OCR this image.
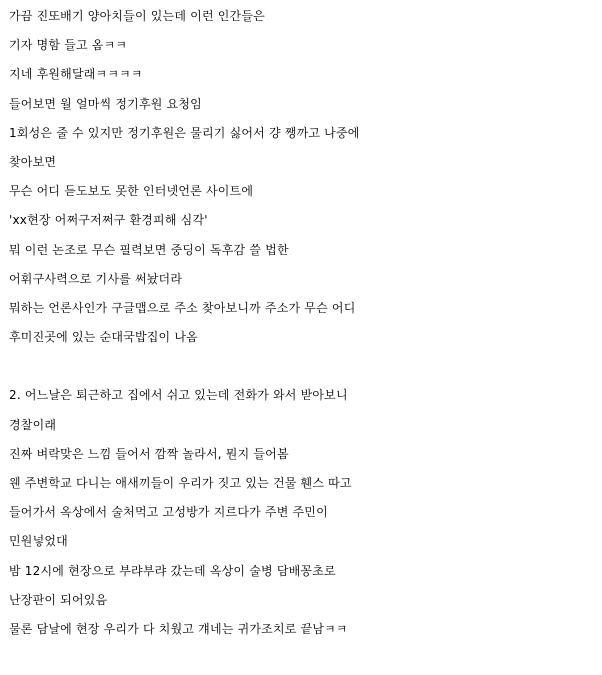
가끔 진또배기 양아치들이 있는데 이런 인간들은
기자 명함 들고 옴ㅋㅋ
지네 후원해달래ㅋㅋㅋㅋ
들어보면 월 얼마씩 정기후원 요청임
1회성은 줄 수 있지만 정기후원은 물리기 싫어서 걍 쨍까고 나중에
찾아보면
무슨 어디 듣도보도 못한 인터넷언론 사이트에
'xx현장 어쩌구저쩌구 환경피해 심각'
뭐 이런 논조로 무슨 필력보면 중딩이 독후감 쓸 법한
어휘구사력으로 기사를 써놨더라
뭐하는 언론사인가 구글맵으로 주소 찾아보니까 주소가 무슨 어디
후미진곳에 있는 순대국밥집이 나옴
2. 어느날은 퇴근하고 집에서 쉬고 있는데 전화가 와서 받아보니
경찰이래
진짜 벼락맞은 느낌 들어서 깜짝 놀라서, 뭔지 들어봄
웬 주변학교 다니는 애새끼들이 우리가 짓고 있는 건물 휀스 따고
들어가서 옥상에서 술처먹고 고성방가 지르다가 주변 주민이
민원넣었대
밤 12시에 현장으로 부랴부랴 갔는데 옥상이 술병 담배꽁초로
난장판이 되어있음
물론 담날에 현장 우리가 다 치웠고 걔네는 귀가조치로 끝남ㅋㅋ
